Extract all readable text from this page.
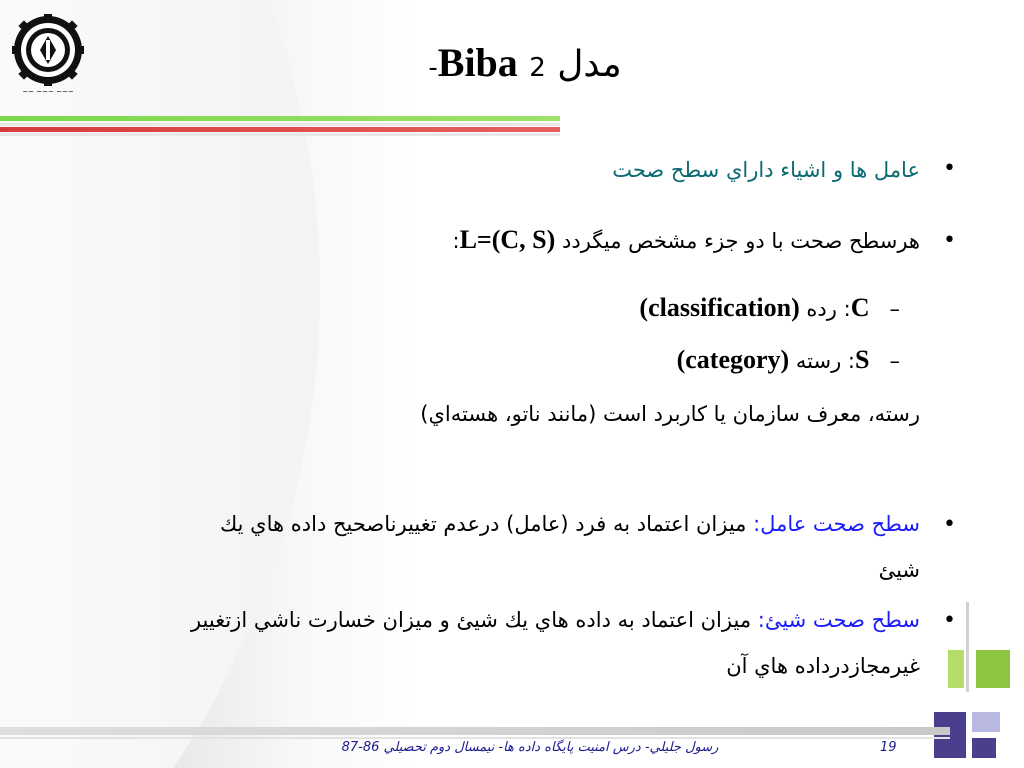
~~ ~~~ ~~~
مدل Biba 2-
•
عامل ها و اشياء داراي سطح صحت
•
هرسطح صحت با دو جزء مشخص ميگردد L=(C, S):
–   C: رده (classification)
–   S: رسته (category)
رسته، معرف سازمان يا كاربرد است (مانند ناتو، هسته‌اي)
•
سطح صحت عامل: ميزان اعتماد به فرد (عامل) درعدم تغييرناصحيح داده هاي يك
شيئ
•
سطح صحت شيئ: ميزان اعتماد به داده هاي يك شيئ و ميزان خسارت ناشي ازتغيير
غيرمجازدرداده هاي آن
رسول جليلي- درس امنيت پايگاه داده ها- نيمسال دوم تحصيلي 86-87	19
